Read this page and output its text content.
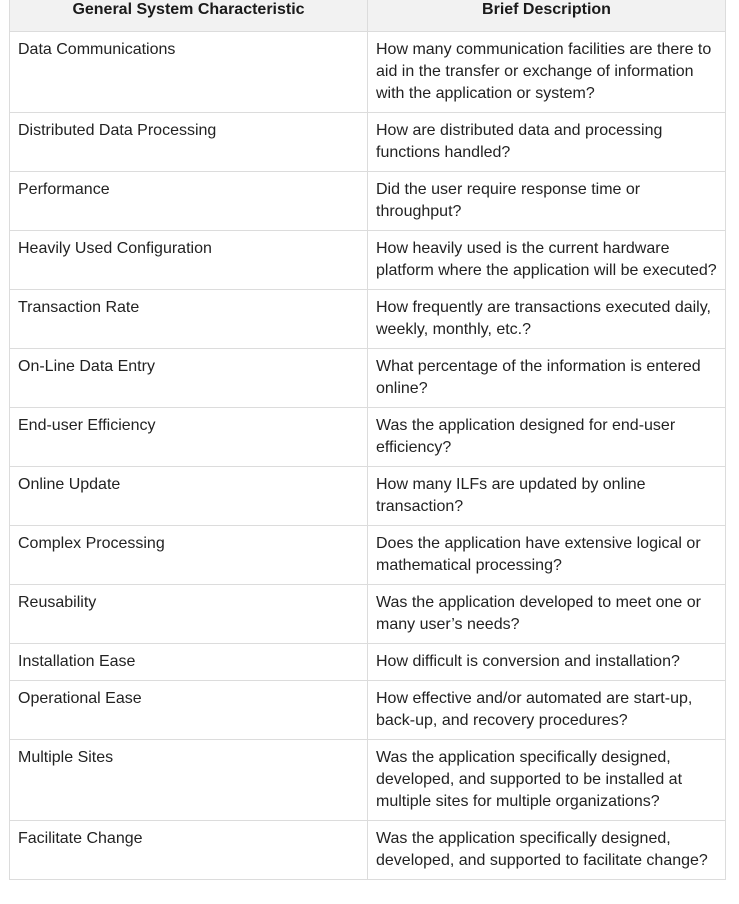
General System Characteristic	Brief Description
Data Communications	How many communication facilities are there to aid in the transfer or exchange of information with the application or system?
Distributed Data Processing	How are distributed data and processing functions handled?
Performance	Did the user require response time or throughput?
Heavily Used Configuration	How heavily used is the current hardware platform where the application will be executed?
Transaction Rate	How frequently are transactions executed daily, weekly, monthly, etc.?
On-Line Data Entry	What percentage of the information is entered online?
End-user Efficiency	Was the application designed for end-user efficiency?
Online Update	How many ILFs are updated by online transaction?
Complex Processing	Does the application have extensive logical or mathematical processing?
Reusability	Was the application developed to meet one or many user’s needs?
Installation Ease	How difficult is conversion and installation?
Operational Ease	How effective and/or automated are start-up, back-up, and recovery procedures?
Multiple Sites	Was the application specifically designed, developed, and supported to be installed at multiple sites for multiple organizations?
Facilitate Change	Was the application specifically designed, developed, and supported to facilitate change?
